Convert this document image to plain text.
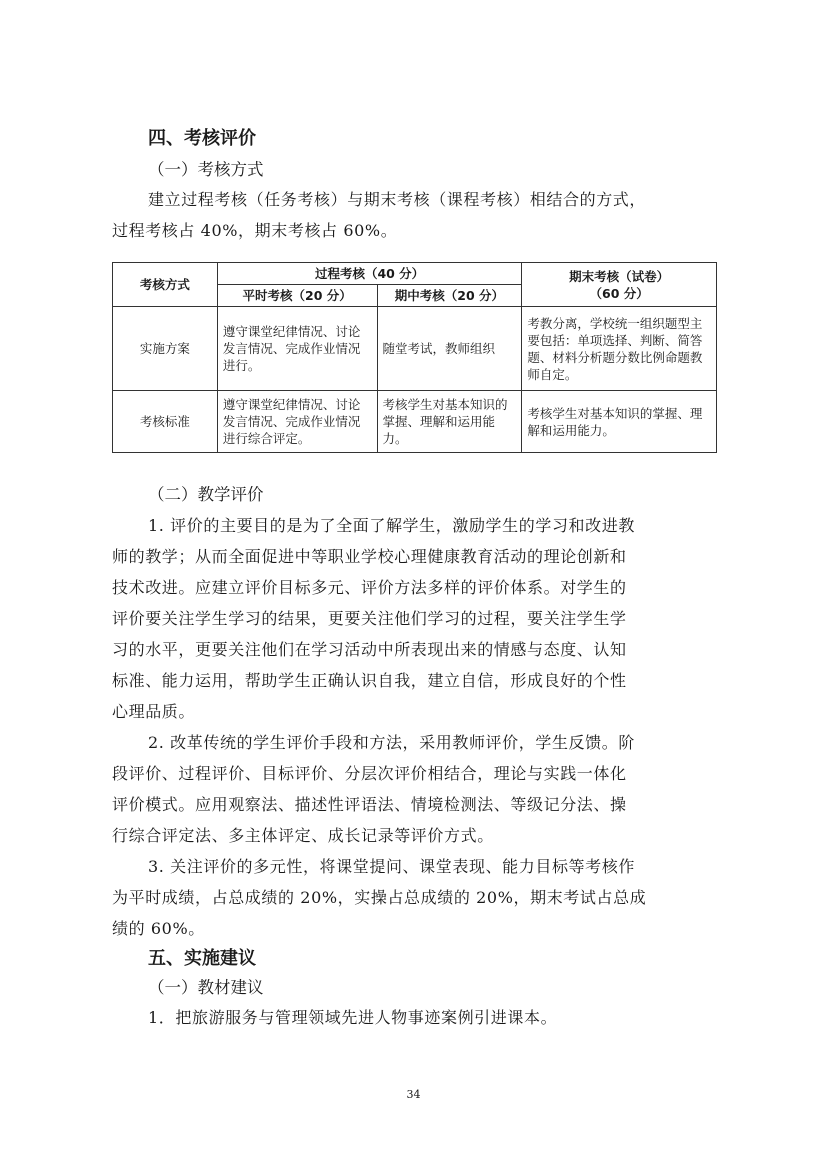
四、考核评价
（一）考核方式
建立过程考核（任务考核）与期末考核（课程考核）相结合的方式，
过程考核占 40%，期末考核占 60%。
考核方式	过程考核（40 分）		期末考核（试卷）
（60 分）

	平时考核（20 分）	期中考核（20 分）	
实施方案	遵守课堂纪律情况、讨论发言情况、完成作业情况进行。	随堂考试，教师组织	考教分离，学校统一组织题型主要包括：单项选择、判断、简答题、材料分析题分数比例命题教师自定。
考核标准	遵守课堂纪律情况、讨论发言情况、完成作业情况进行综合评定。	考核学生对基本知识的掌握、理解和运用能力。	考核学生对基本知识的掌握、理解和运用能力。
（二）教学评价
1. 评价的主要目的是为了全面了解学生，激励学生的学习和改进教
师的教学；从而全面促进中等职业学校心理健康教育活动的理论创新和
技术改进。应建立评价目标多元、评价方法多样的评价体系。对学生的
评价要关注学生学习的结果，更要关注他们学习的过程，要关注学生学
习的水平，更要关注他们在学习活动中所表现出来的情感与态度、认知
标准、能力运用，帮助学生正确认识自我，建立自信，形成良好的个性
心理品质。
2. 改革传统的学生评价手段和方法，采用教师评价，学生反馈。阶
段评价、过程评价、目标评价、分层次评价相结合，理论与实践一体化
评价模式。应用观察法、描述性评语法、情境检测法、等级记分法、操
行综合评定法、多主体评定、成长记录等评价方式。
3. 关注评价的多元性，将课堂提问、课堂表现、能力目标等考核作
为平时成绩，占总成绩的 20%，实操占总成绩的 20%，期末考试占总成
绩的 60%。
五、实施建议
（一）教材建议
1．把旅游服务与管理领域先进人物事迹案例引进课本。
34
